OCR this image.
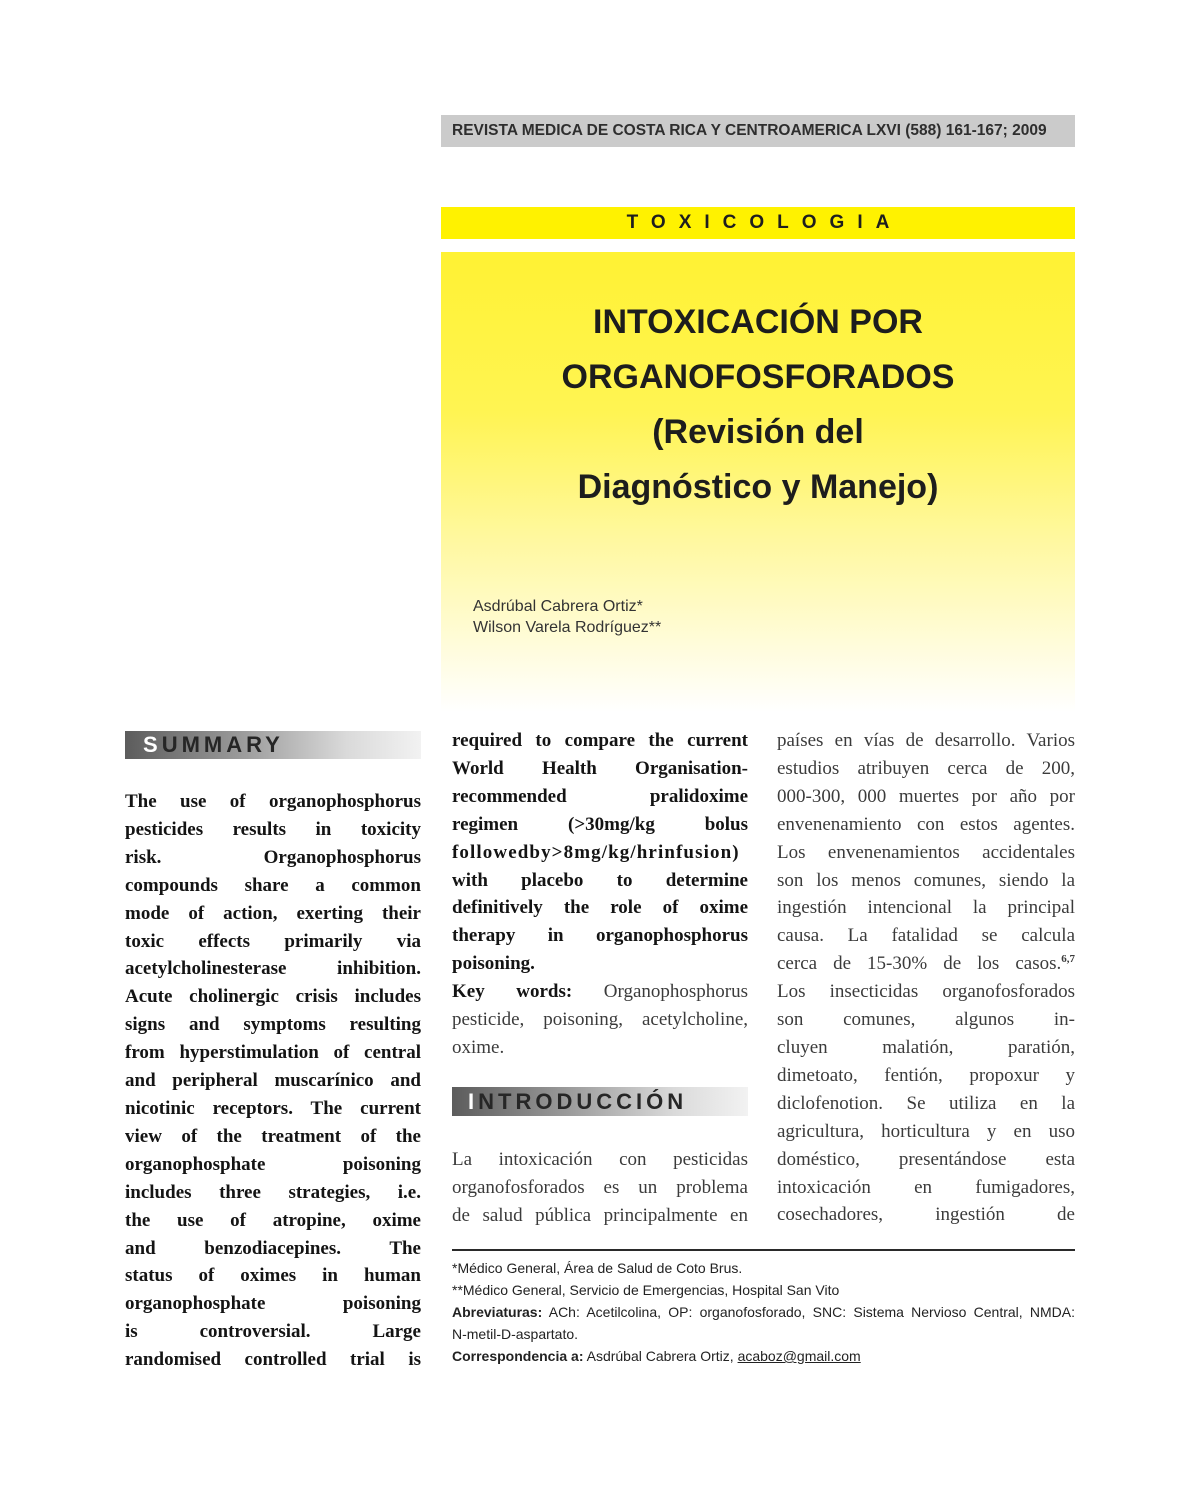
REVISTA MEDICA DE COSTA RICA Y CENTROAMERICA LXVI (588) 161-167; 2009
TOXICOLOGIA
INTOXICACIÓN POR
ORGANOFOSFORADOS
(Revisión del
Diagnóstico y Manejo)
Asdrúbal Cabrera Ortiz*
Wilson Varela Rodríguez**
SUMMARY
The use of organophosphorus
pesticides results in toxicity
risk. Organophosphorus
compounds share a common
mode of action, exerting their
toxic effects primarily via
acetylcholinesterase inhibition.
Acute cholinergic crisis includes
signs and symptoms resulting
from hyperstimulation of central
and peripheral muscarínico and
nicotinic receptors. The current
view of the treatment of the
organophosphate poisoning
includes three strategies, i.e.
the use of atropine, oxime
and benzodiacepines. The
status of oximes in human
organophosphate poisoning
is controversial. Large
randomised controlled trial is
required to compare the current
World Health Organisation-
recommended pralidoxime
regimen (>30mg/kg bolus
followedby>8mg/kg/hrinfusion)
with placebo to determine
definitively the role of oxime
therapy in organophosphorus
poisoning.
Key words: Organophosphorus
pesticide, poisoning, acetylcholine,
oxime.
INTRODUCCIÓN
La intoxicación con pesticidas
organofosforados es un problema
de salud pública principalmente en
países en vías de desarrollo. Varios
estudios atribuyen cerca de 200,
000-300, 000 muertes por año por
envenenamiento con estos agentes.
Los envenenamientos accidentales
son los menos comunes, siendo la
ingestión intencional la principal
causa. La fatalidad se calcula
cerca de 15-30% de los casos.$^{6,7}$
Los insecticidas organofosforados
son comunes, algunos in-
cluyen malatión, paratión,
dimetoato, fentión, propoxur y
diclofenotion. Se utiliza en la
agricultura, horticultura y en uso
doméstico, presentándose esta
intoxicación en fumigadores,
cosechadores, ingestión de
*Médico General, Área de Salud de Coto Brus.
**Médico General, Servicio de Emergencias, Hospital San Vito
Abreviaturas: ACh: Acetilcolina, OP: organofosforado, SNC: Sistema Nervioso Central, NMDA:
N-metil-D-aspartato.
Correspondencia a: Asdrúbal Cabrera Ortiz, acaboz@gmail.com
